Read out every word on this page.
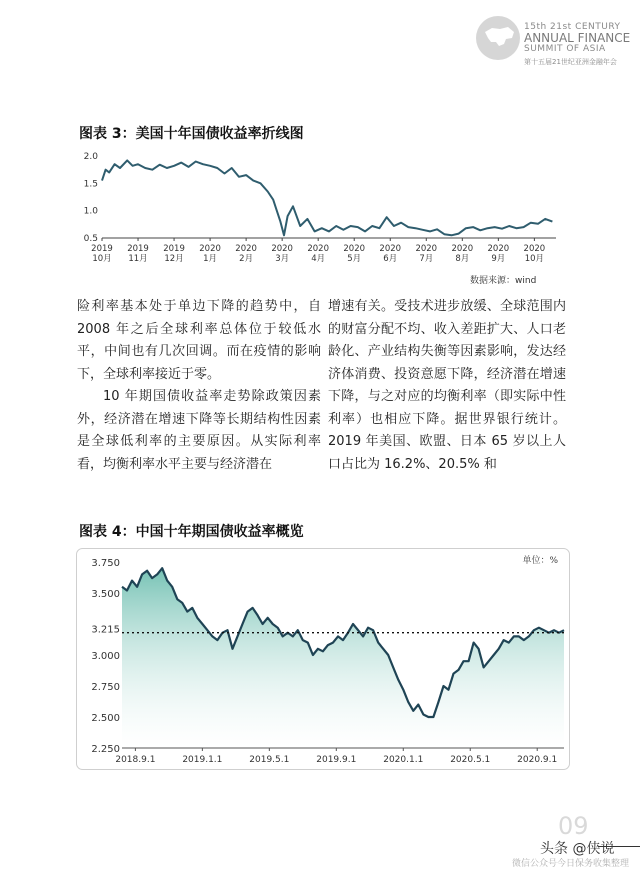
15th 21st CENTURY
ANNUAL FINANCE
SUMMIT OF ASIA
第十五届21世纪亚洲金融年会
图表 3：美国十年国债收益率折线图
2.0
1.5
1.0
0.5
2019
10月
2019
11月
2019
12月
2020
1月
2020
2月
2020
3月
2020
4月
2020
5月
2020
6月
2020
7月
2020
8月
2020
9月
2020
10月
数据来源：wind

险利率基本处于单边下降的趋势中，自 2008 年之后全球利率总体位于较低水平，中间也有几次回调。而在疫情的影响下，全球利率接近于零。

10 年期国债收益率走势除政策因素外，经济潜在增速下降等长期结构性因素是全球低利率的主要原因。从实际利率看，均衡利率水平主要与经济潜在

增速有关。受技术进步放缓、全球范围内的财富分配不均、收入差距扩大、人口老龄化、产业结构失衡等因素影响，发达经济体消费、投资意愿下降，经济潜在增速下降，与之对应的均衡利率（即实际中性利率）也相应下降。据世界银行统计。2019 年美国、欧盟、日本 65 岁以上人口占比为 16.2%、20.5% 和

图表 4：中国十年期国债收益率概览
3.750
3.500
3.215
3.000
2.750
2.500
2.250
单位：%
2018.9.1	2019.1.1	2019.5.1	2019.9.1	2020.1.1	2020.5.1	2020.9.1
09
头条 @侠说
微信公众号今日保务收集整理
